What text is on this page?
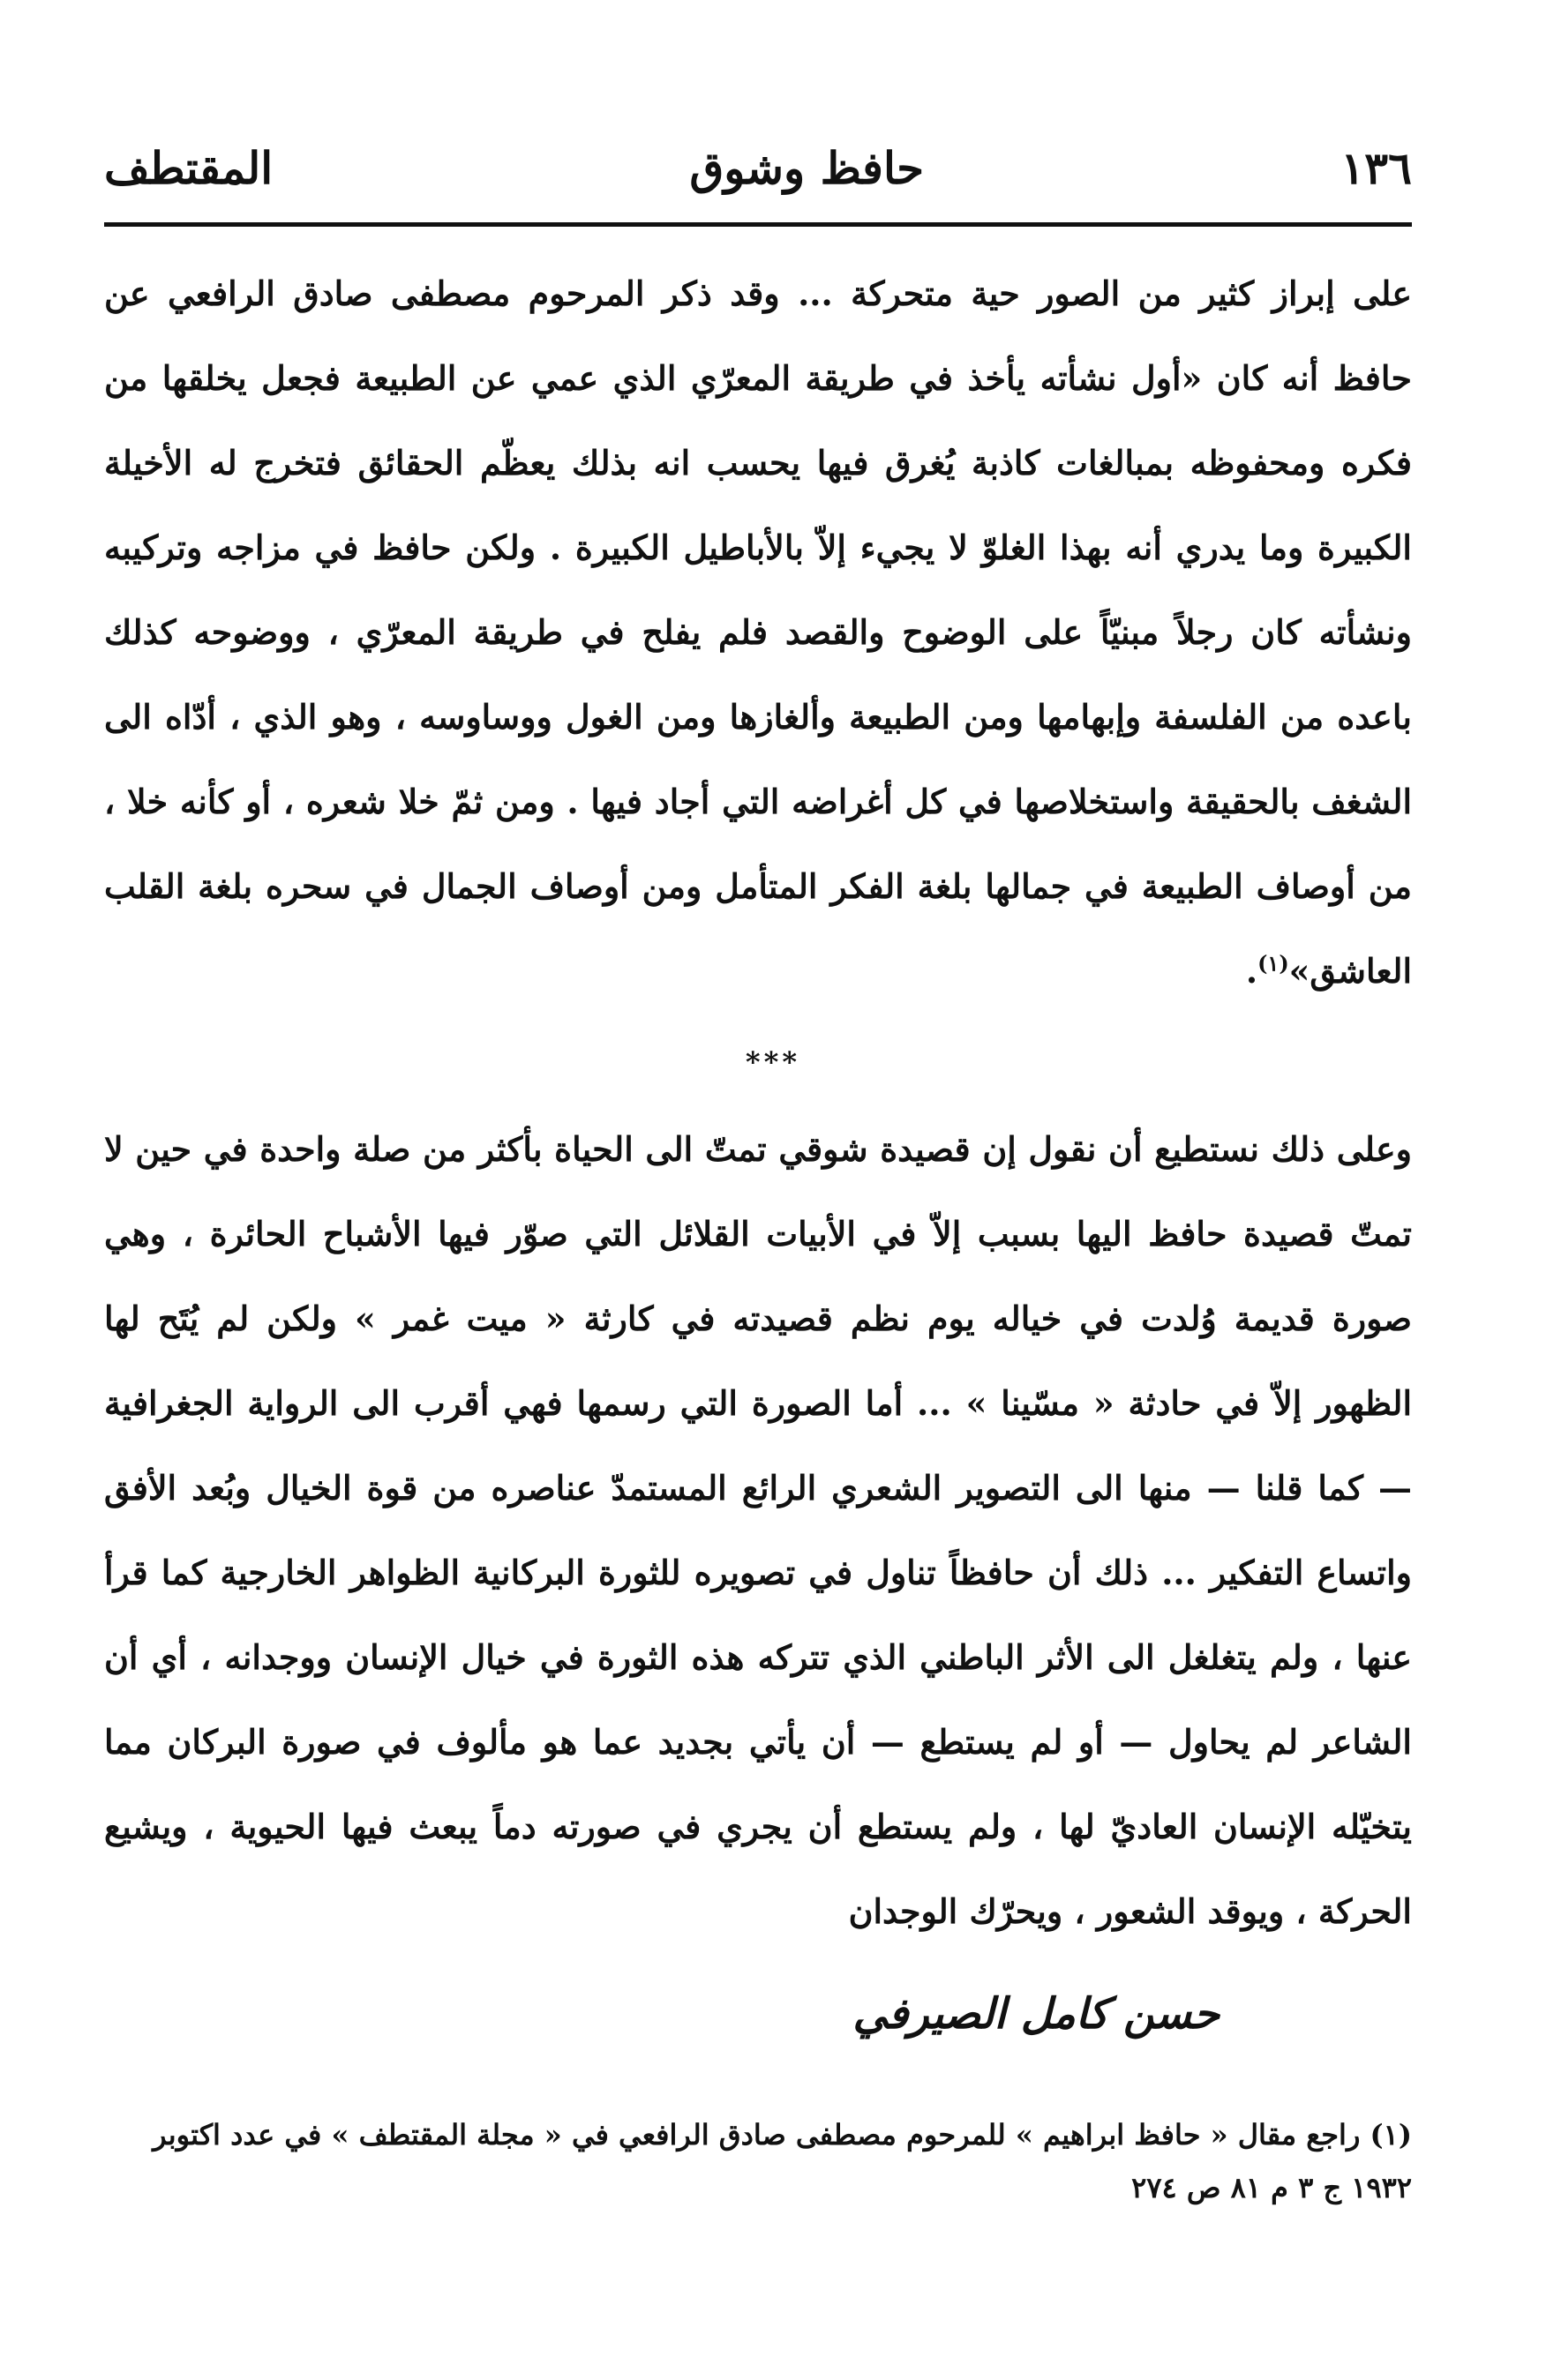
١٣٦
حافظ وشوق
المقتطف

على إبراز كثير من الصور حية متحركة ... وقد ذكر المرحوم مصطفى صادق الرافعي عن حافظ أنه كان «أول نشأته يأخذ في طريقة المعرّي الذي عمي عن الطبيعة فجعل يخلقها من فكره ومحفوظه بمبالغات كاذبة يُغرق فيها يحسب انه بذلك يعظّم الحقائق فتخرج له الأخيلة الكبيرة وما يدري أنه بهذا الغلوّ لا يجيء إلاّ بالأباطيل الكبيرة . ولكن حافظ في مزاجه وتركيبه ونشأته كان رجلاً مبنيّاً على الوضوح والقصد فلم يفلح في طريقة المعرّي ، ووضوحه كذلك باعده من الفلسفة وإبهامها ومن الطبيعة وألغازها ومن الغول ووساوسه ، وهو الذي ، أدّاه الى الشغف بالحقيقة واستخلاصها في كل أغراضه التي أجاد فيها . ومن ثمّ خلا شعره ، أو كأنه خلا ، من أوصاف الطبيعة في جمالها بلغة الفكر المتأمل ومن أوصاف الجمال في سحره بلغة القلب العاشق»$^{(١)}$.

***

وعلى ذلك نستطيع أن نقول إن قصيدة شوقي تمتّ الى الحياة بأكثر من صلة واحدة في حين لا تمتّ قصيدة حافظ اليها بسبب إلاّ في الأبيات القلائل التي صوّر فيها الأشباح الحائرة ، وهي صورة قديمة وُلدت في خياله يوم نظم قصيدته في كارثة « ميت غمر » ولكن لم يُتَح لها الظهور إلاّ في حادثة « مسّينا » ... أما الصورة التي رسمها فهي أقرب الى الرواية الجغرافية — كما قلنا — منها الى التصوير الشعري الرائع المستمدّ عناصره من قوة الخيال وبُعد الأفق واتساع التفكير ... ذلك أن حافظاً تناول في تصويره للثورة البركانية الظواهر الخارجية كما قرأ عنها ، ولم يتغلغل الى الأثر الباطني الذي تتركه هذه الثورة في خيال الإنسان ووجدانه ، أي أن الشاعر لم يحاول — أو لم يستطع — أن يأتي بجديد عما هو مألوف في صورة البركان مما يتخيّله الإنسان العاديّ لها ، ولم يستطع أن يجري في صورته دماً يبعث فيها الحيوية ، ويشيع الحركة ، ويوقد الشعور ، ويحرّك الوجدان

حسن كامل الصيرفي

(١) راجع مقال « حافظ ابراهيم » للمرحوم مصطفى صادق الرافعي في « مجلة المقتطف » في عدد اكتوبر

١٩٣٢ ج ٣ م ٨١ ص ٢٧٤
